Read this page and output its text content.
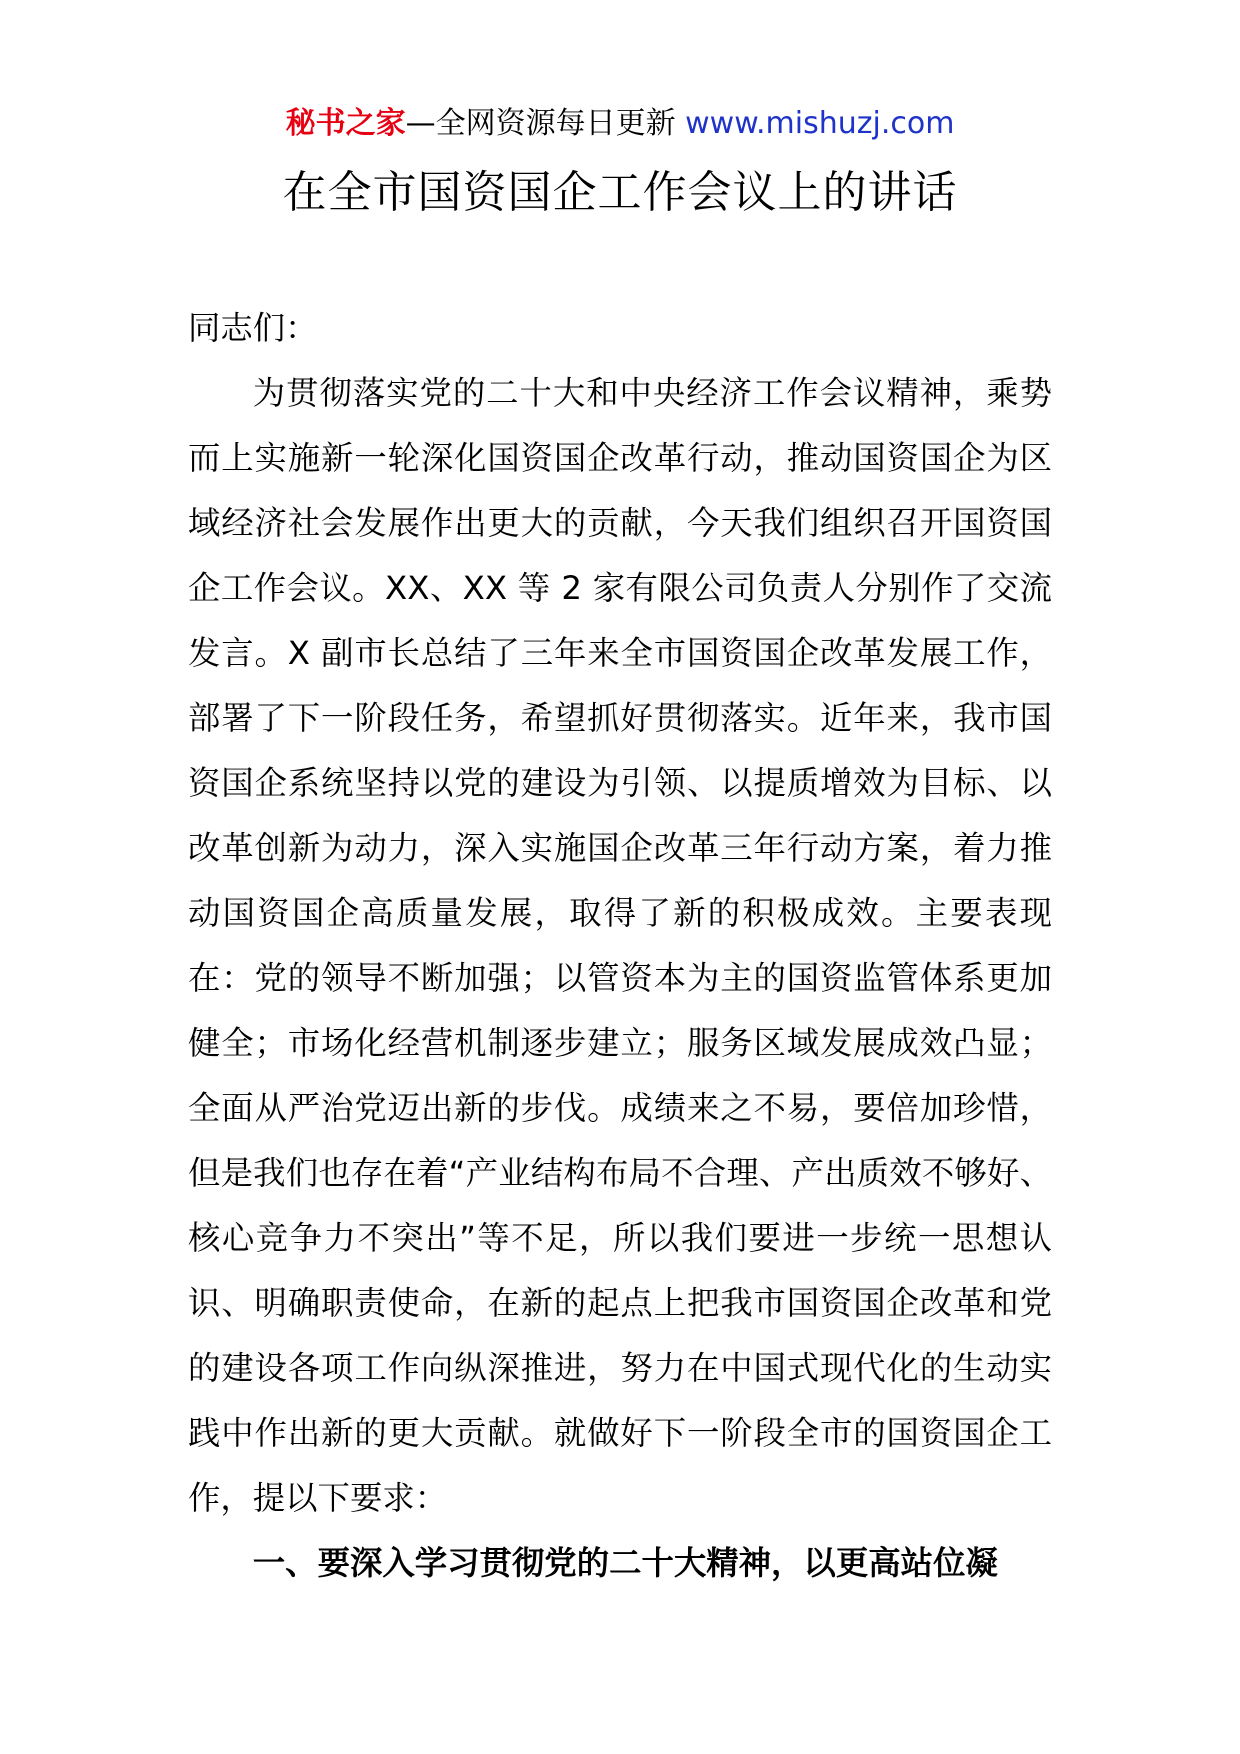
秘书之家—全网资源每日更新 www.mishuzj.com
在全市国资国企工作会议上的讲话

同志们：

为贯彻落实党的二十大和中央经济工作会议精神，乘势而上实施新一轮深化国资国企改革行动，推动国资国企为区域经济社会发展作出更大的贡献，今天我们组织召开国资国企工作会议。XX、XX 等 2 家有限公司负责人分别作了交流发言。X 副市长总结了三年来全市国资国企改革发展工作，部署了下一阶段任务，希望抓好贯彻落实。近年来，我市国资国企系统坚持以党的建设为引领、以提质增效为目标、以改革创新为动力，深入实施国企改革三年行动方案，着力推动国资国企高质量发展，取得了新的积极成效。主要表现在：党的领导不断加强；以管资本为主的国资监管体系更加健全；市场化经营机制逐步建立；服务区域发展成效凸显；全面从严治党迈出新的步伐。成绩来之不易，要倍加珍惜，但是我们也存在着“产业结构布局不合理、产出质效不够好、核心竞争力不突出”等不足，所以我们要进一步统一思想认识、明确职责使命，在新的起点上把我市国资国企改革和党的建设各项工作向纵深推进，努力在中国式现代化的生动实践中作出新的更大贡献。就做好下一阶段全市的国资国企工作，提以下要求：

一、要深入学习贯彻党的二十大精神，以更高站位凝
